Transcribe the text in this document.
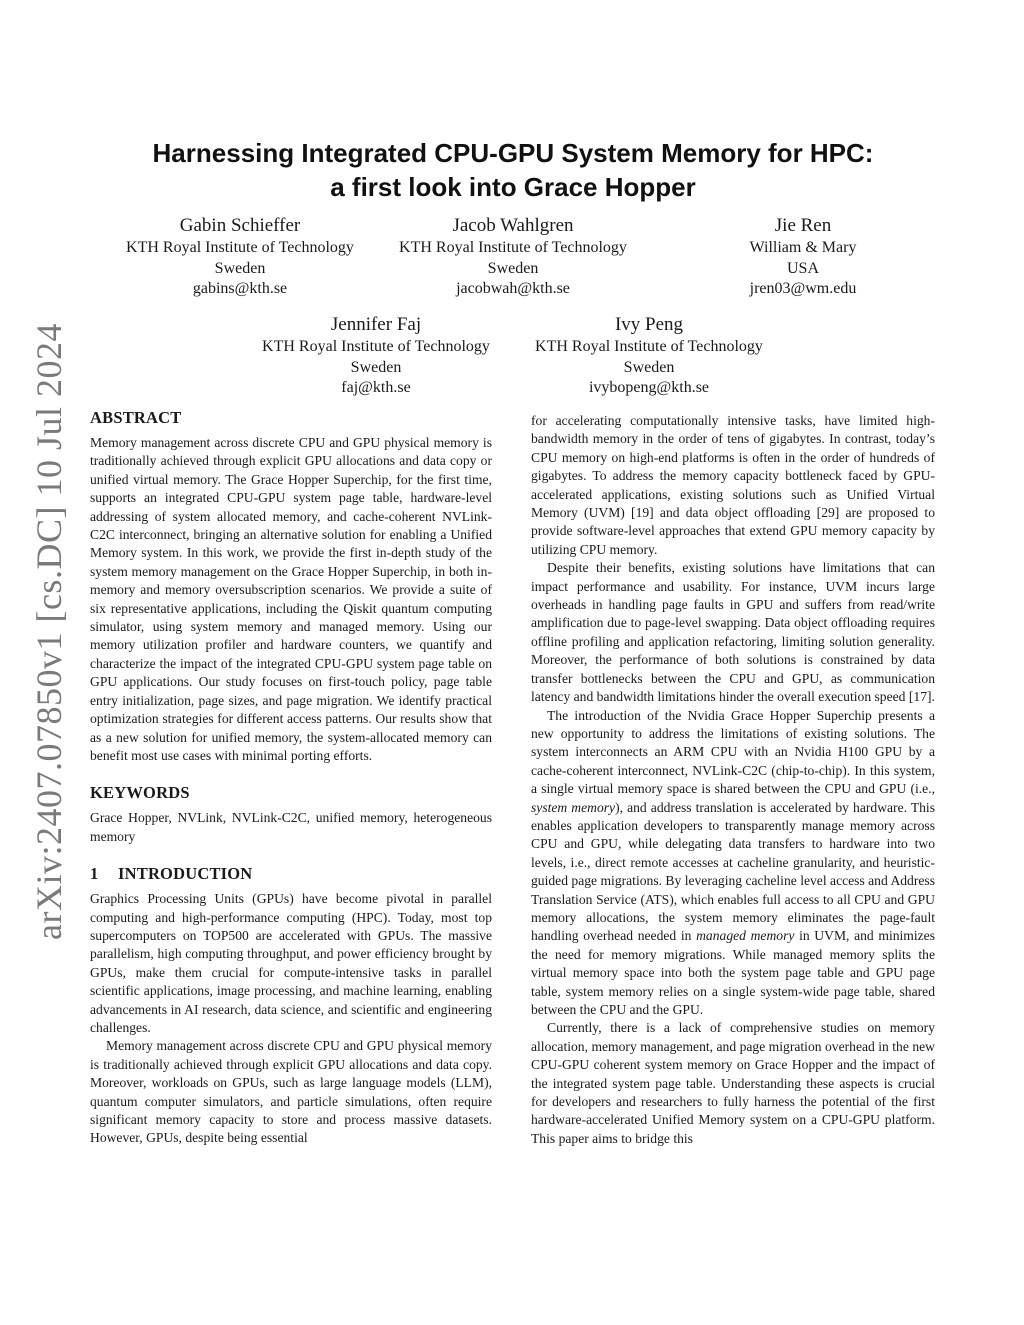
arXiv:2407.07850v1 [cs.DC] 10 Jul 2024
Harnessing Integrated CPU-GPU System Memory for HPC:
a first look into Grace Hopper
Gabin Schieffer
KTH Royal Institute of Technology
Sweden
gabins@kth.se
Jacob Wahlgren
KTH Royal Institute of Technology
Sweden
jacobwah@kth.se
Jie Ren
William & Mary
USA
jren03@wm.edu
Jennifer Faj
KTH Royal Institute of Technology
Sweden
faj@kth.se
Ivy Peng
KTH Royal Institute of Technology
Sweden
ivybopeng@kth.se
ABSTRACT

Memory management across discrete CPU and GPU physical memory is traditionally achieved through explicit GPU allocations and data copy or unified virtual memory. The Grace Hopper Superchip, for the first time, supports an integrated CPU-GPU system page table, hardware-level addressing of system allocated memory, and cache-coherent NVLink-C2C interconnect, bringing an alternative solution for enabling a Unified Memory system. In this work, we provide the first in-depth study of the system memory management on the Grace Hopper Superchip, in both in-memory and memory oversubscription scenarios. We provide a suite of six representative applications, including the Qiskit quantum computing simulator, using system memory and managed memory. Using our memory utilization profiler and hardware counters, we quantify and characterize the impact of the integrated CPU-GPU system page table on GPU applications. Our study focuses on first-touch policy, page table entry initialization, page sizes, and page migration. We identify practical optimization strategies for different access patterns. Our results show that as a new solution for unified memory, the system-allocated memory can benefit most use cases with minimal porting efforts.

KEYWORDS

Grace Hopper, NVLink, NVLink-C2C, unified memory, heterogeneous memory

1 INTRODUCTION

Graphics Processing Units (GPUs) have become pivotal in parallel computing and high-performance computing (HPC). Today, most top supercomputers on TOP500 are accelerated with GPUs. The massive parallelism, high computing throughput, and power efficiency brought by GPUs, make them crucial for compute-intensive tasks in parallel scientific applications, image processing, and machine learning, enabling advancements in AI research, data science, and scientific and engineering challenges.

Memory management across discrete CPU and GPU physical memory is traditionally achieved through explicit GPU allocations and data copy. Moreover, workloads on GPUs, such as large language models (LLM), quantum computer simulators, and particle simulations, often require significant memory capacity to store and process massive datasets. However, GPUs, despite being essential

for accelerating computationally intensive tasks, have limited high-bandwidth memory in the order of tens of gigabytes. In contrast, today’s CPU memory on high-end platforms is often in the order of hundreds of gigabytes. To address the memory capacity bottleneck faced by GPU-accelerated applications, existing solutions such as Unified Virtual Memory (UVM) [19] and data object offloading [29] are proposed to provide software-level approaches that extend GPU memory capacity by utilizing CPU memory.

Despite their benefits, existing solutions have limitations that can impact performance and usability. For instance, UVM incurs large overheads in handling page faults in GPU and suffers from read/write amplification due to page-level swapping. Data object offloading requires offline profiling and application refactoring, limiting solution generality. Moreover, the performance of both solutions is constrained by data transfer bottlenecks between the CPU and GPU, as communication latency and bandwidth limitations hinder the overall execution speed [17].

The introduction of the Nvidia Grace Hopper Superchip presents a new opportunity to address the limitations of existing solutions. The system interconnects an ARM CPU with an Nvidia H100 GPU by a cache-coherent interconnect, NVLink-C2C (chip-to-chip). In this system, a single virtual memory space is shared between the CPU and GPU (i.e., system memory), and address translation is accelerated by hardware. This enables application developers to transparently manage memory across CPU and GPU, while delegating data transfers to hardware into two levels, i.e., direct remote accesses at cacheline granularity, and heuristic-guided page migrations. By leveraging cacheline level access and Address Translation Service (ATS), which enables full access to all CPU and GPU memory allocations, the system memory eliminates the page-fault handling overhead needed in managed memory in UVM, and minimizes the need for memory migrations. While managed memory splits the virtual memory space into both the system page table and GPU page table, system memory relies on a single system-wide page table, shared between the CPU and the GPU.

Currently, there is a lack of comprehensive studies on memory allocation, memory management, and page migration overhead in the new CPU-GPU coherent system memory on Grace Hopper and the impact of the integrated system page table. Understanding these aspects is crucial for developers and researchers to fully harness the potential of the first hardware-accelerated Unified Memory system on a CPU-GPU platform. This paper aims to bridge this
